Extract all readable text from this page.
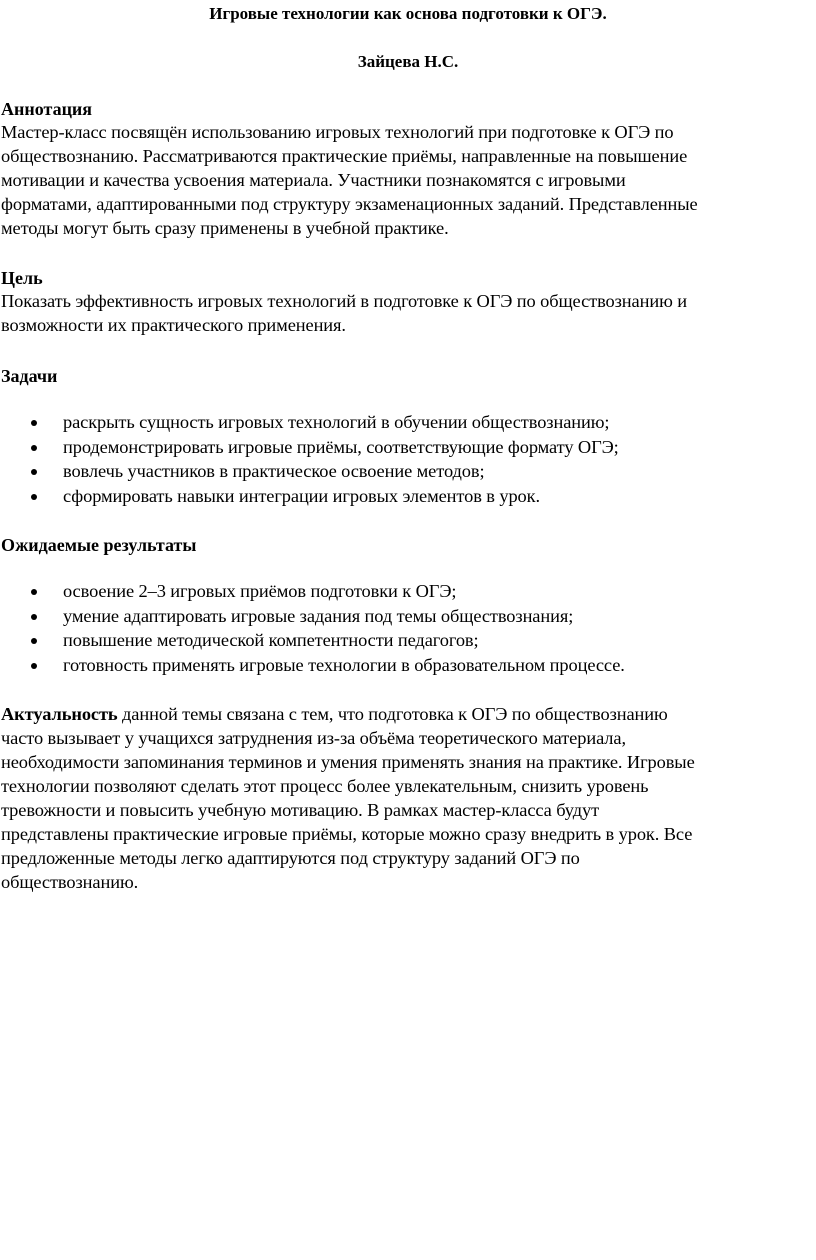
Игровые технологии как основа подготовки к ОГЭ.

Зайцева Н.С.

Аннотация

Мастер-класс посвящён использованию игровых технологий при подготовке к ОГЭ по
обществознанию. Рассматриваются практические приёмы, направленные на повышение
мотивации и качества усвоения материала. Участники познакомятся с игровыми
форматами, адаптированными под структуру экзаменационных заданий. Представленные
методы могут быть сразу применены в учебной практике.

Цель

Показать эффективность игровых технологий в подготовке к ОГЭ по обществознанию и
возможности их практического применения.

Задачи

раскрыть сущность игровых технологий в обучении обществознанию;
продемонстрировать игровые приёмы, соответствующие формату ОГЭ;
вовлечь участников в практическое освоение методов;
сформировать навыки интеграции игровых элементов в урок.

Ожидаемые результаты

освоение 2–3 игровых приёмов подготовки к ОГЭ;
умение адаптировать игровые задания под темы обществознания;
повышение методической компетентности педагогов;
готовность применять игровые технологии в образовательном процессе.

Актуальность данной темы связана с тем, что подготовка к ОГЭ по обществознанию
часто вызывает у учащихся затруднения из-за объёма теоретического материала,
необходимости запоминания терминов и умения применять знания на практике. Игровые
технологии позволяют сделать этот процесс более увлекательным, снизить уровень
тревожности и повысить учебную мотивацию. В рамках мастер-класса будут
представлены практические игровые приёмы, которые можно сразу внедрить в урок. Все
предложенные методы легко адаптируются под структуру заданий ОГЭ по
обществознанию.
